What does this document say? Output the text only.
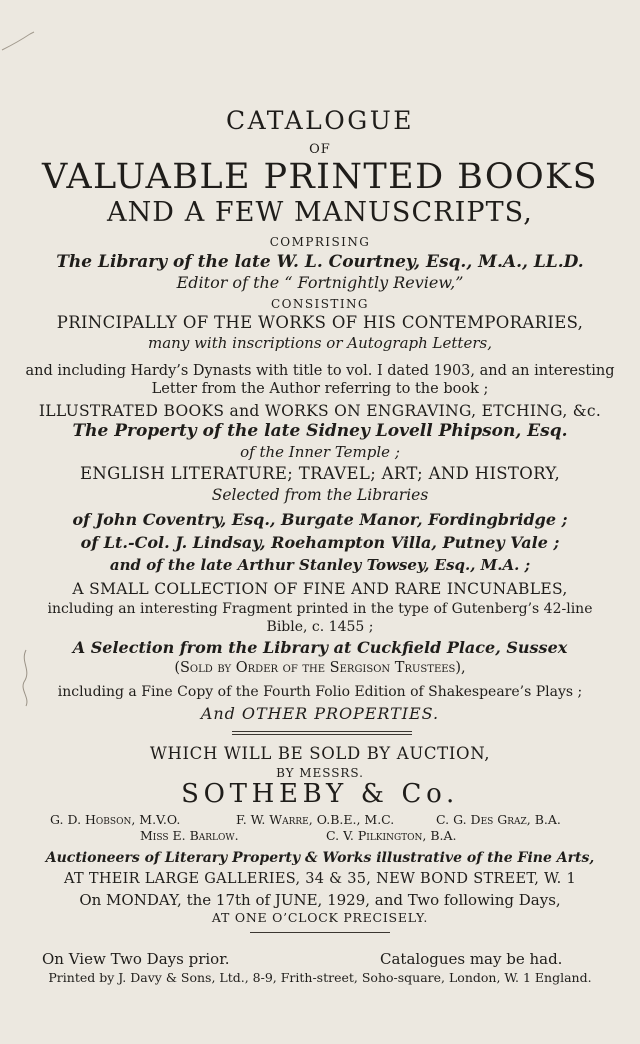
CATALOGUE
OF
VALUABLE PRINTED BOOKS
AND A FEW MANUSCRIPTS,
COMPRISING
The Library of the late W. L. Courtney, Esq., M.A., LL.D.
Editor of the “ Fortnightly Review,”
CONSISTING
PRINCIPALLY OF THE WORKS OF HIS CONTEMPORARIES,
many with inscriptions or Autograph Letters,
and including Hardy’s Dynasts with title to vol. I dated 1903, and an interesting
Letter from the Author referring to the book ;
ILLUSTRATED BOOKS and WORKS ON ENGRAVING, ETCHING, &c.
The Property of the late Sidney Lovell Phipson, Esq.
of the Inner Temple ;
ENGLISH LITERATURE; TRAVEL; ART; AND HISTORY,
Selected from the Libraries
of John Coventry, Esq., Burgate Manor, Fordingbridge ;
of Lt.-Col. J. Lindsay, Roehampton Villa, Putney Vale ;
and of the late Arthur Stanley Towsey, Esq., M.A. ;
A SMALL COLLECTION OF FINE AND RARE INCUNABLES,
including an interesting Fragment printed in the type of Gutenberg’s 42-line
Bible, c. 1455 ;
A Selection from the Library at Cuckfield Place, Sussex
(Sold by Order of the Sergison Trustees),
including a Fine Copy of the Fourth Folio Edition of Shakespeare’s Plays ;
And OTHER PROPERTIES.
WHICH WILL BE SOLD BY AUCTION,
BY MESSRS.
SOTHEBY & Co.
G. D. Hobson, M.V.O.	F. W. Warre, O.B.E., M.C.	C. G. Des Graz, B.A.
Miss E. Barlow.	C. V. Pilkington, B.A.
Auctioneers of Literary Property & Works illustrative of the Fine Arts,
AT THEIR LARGE GALLERIES, 34 & 35, NEW BOND STREET, W. 1
On MONDAY, the 17th of JUNE, 1929, and Two following Days,
AT ONE O’CLOCK PRECISELY.
On View Two Days prior.	Catalogues may be had.
Printed by J. Davy & Sons, Ltd., 8-9, Frith-street, Soho-square, London, W. 1 England.
